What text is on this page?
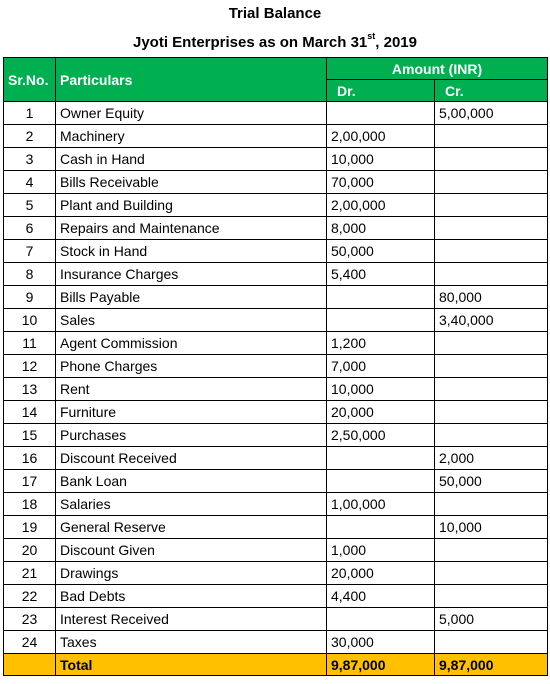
Trial Balance
Jyoti Enterprises as on March 31st, 2019
Sr.No.	Particulars	Amount (INR)	
		Dr.	Cr.
1	Owner Equity		5,00,000
2	Machinery	2,00,000	
3	Cash in Hand	10,000	
4	Bills Receivable	70,000	
5	Plant and Building	2,00,000	
6	Repairs and Maintenance	8,000	
7	Stock in Hand	50,000	
8	Insurance Charges	5,400	
9	Bills Payable		80,000
10	Sales		3,40,000
11	Agent Commission	1,200	
12	Phone Charges	7,000	
13	Rent	10,000	
14	Furniture	20,000	
15	Purchases	2,50,000	
16	Discount Received		2,000
17	Bank Loan		50,000
18	Salaries	1,00,000	
19	General Reserve		10,000
20	Discount Given	1,000	
21	Drawings	20,000	
22	Bad Debts	4,400	
23	Interest Received		5,000
24	Taxes	30,000	
	Total	9,87,000	9,87,000
